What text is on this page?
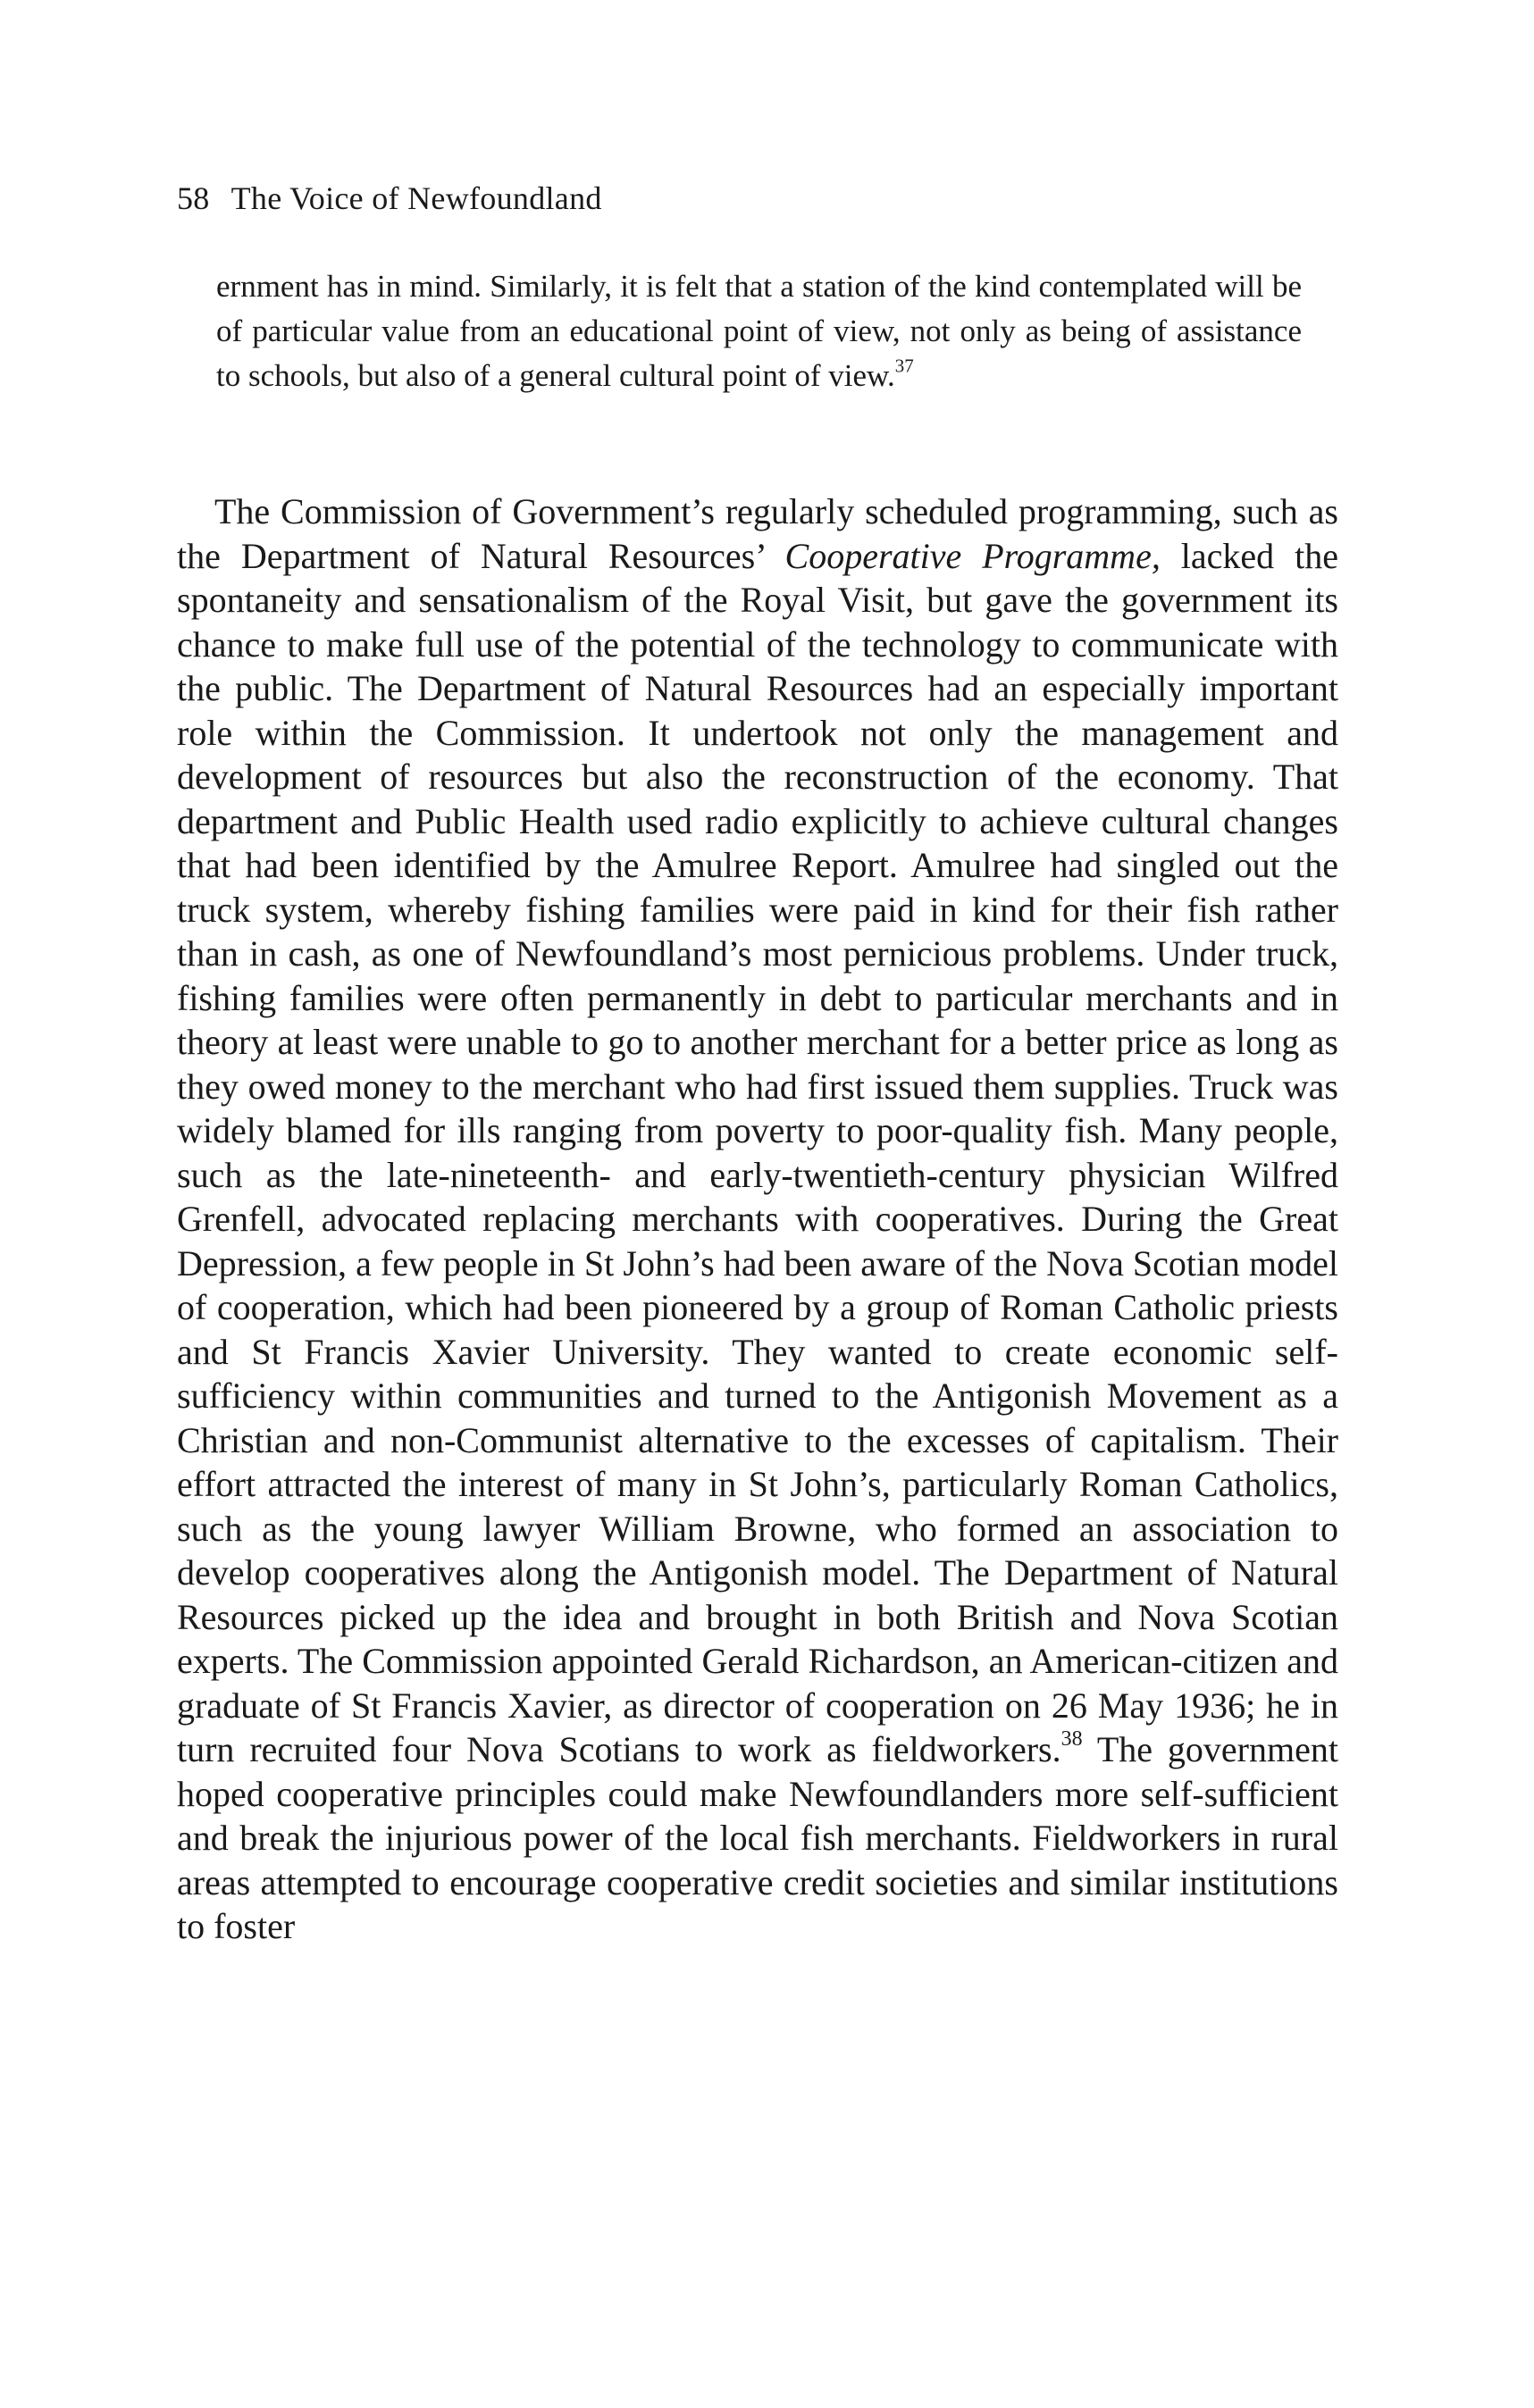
58 The Voice of Newfoundland

ernment has in mind. Similarly, it is felt that a station of the kind contemplated will be of particular value from an educational point of view, not only as being of assistance to schools, but also of a general cultural point of view.$^{37}$

The Commission of Government’s regularly scheduled programming, such as the Department of Natural Resources’ Cooperative Programme, lacked the spontaneity and sensationalism of the Royal Visit, but gave the government its chance to make full use of the potential of the technology to communicate with the public. The Department of Natural Resources had an especially important role within the Commission. It undertook not only the management and development of resources but also the reconstruction of the economy. That department and Public Health used radio explicitly to achieve cultural changes that had been identified by the Amulree Report. Amulree had singled out the truck system, whereby fishing families were paid in kind for their fish rather than in cash, as one of Newfoundland’s most pernicious problems. Under truck, fishing families were often permanently in debt to particular merchants and in theory at least were unable to go to another merchant for a better price as long as they owed money to the merchant who had first issued them supplies. Truck was widely blamed for ills ranging from poverty to poor-quality fish. Many people, such as the late-nineteenth- and early-twentieth-century physician Wilfred Grenfell, advocated replacing merchants with cooperatives. During the Great Depression, a few people in St John’s had been aware of the Nova Scotian model of cooperation, which had been pioneered by a group of Roman Catholic priests and St Francis Xavier University. They wanted to create economic self-sufficiency within communities and turned to the Antigonish Movement as a Christian and non-Communist alternative to the excesses of capitalism. Their effort attracted the interest of many in St John’s, particularly Roman Catholics, such as the young lawyer William Browne, who formed an association to develop cooperatives along the Antigonish model. The Department of Natural Resources picked up the idea and brought in both British and Nova Scotian experts. The Commission appointed Gerald Richardson, an American-citizen and graduate of St Francis Xavier, as director of cooperation on 26 May 1936; he in turn recruited four Nova Scotians to work as fieldworkers.$^{38}$ The government hoped cooperative principles could make Newfoundlanders more self-sufficient and break the injurious power of the local fish merchants. Fieldworkers in rural areas attempted to encourage cooperative credit societies and similar institutions to foster
